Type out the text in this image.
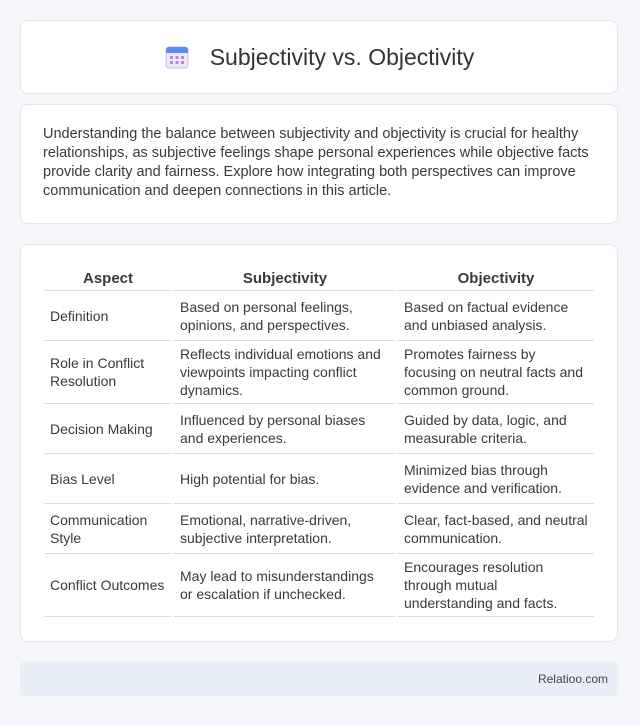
Subjectivity vs. Objectivity

Understanding the balance between subjectivity and objectivity is crucial for healthy relationships, as subjective feelings shape personal experiences while objective facts provide clarity and fairness. Explore how integrating both perspectives can improve communication and deepen connections in this article.

Aspect	Subjectivity	Objectivity
Definition	Based on personal feelings, opinions, and perspectives.	Based on factual evidence and unbiased analysis.
Role in Conflict Resolution	Reflects individual emotions and viewpoints impacting conflict dynamics.	Promotes fairness by focusing on neutral facts and common ground.
Decision Making	Influenced by personal biases and experiences.	Guided by data, logic, and measurable criteria.
Bias Level	High potential for bias.	Minimized bias through evidence and verification.
Communication Style	Emotional, narrative-driven, subjective interpretation.	Clear, fact-based, and neutral communication.
Conflict Outcomes	May lead to misunderstandings or escalation if unchecked.	Encourages resolution through mutual understanding and facts.
Relatioo.com
